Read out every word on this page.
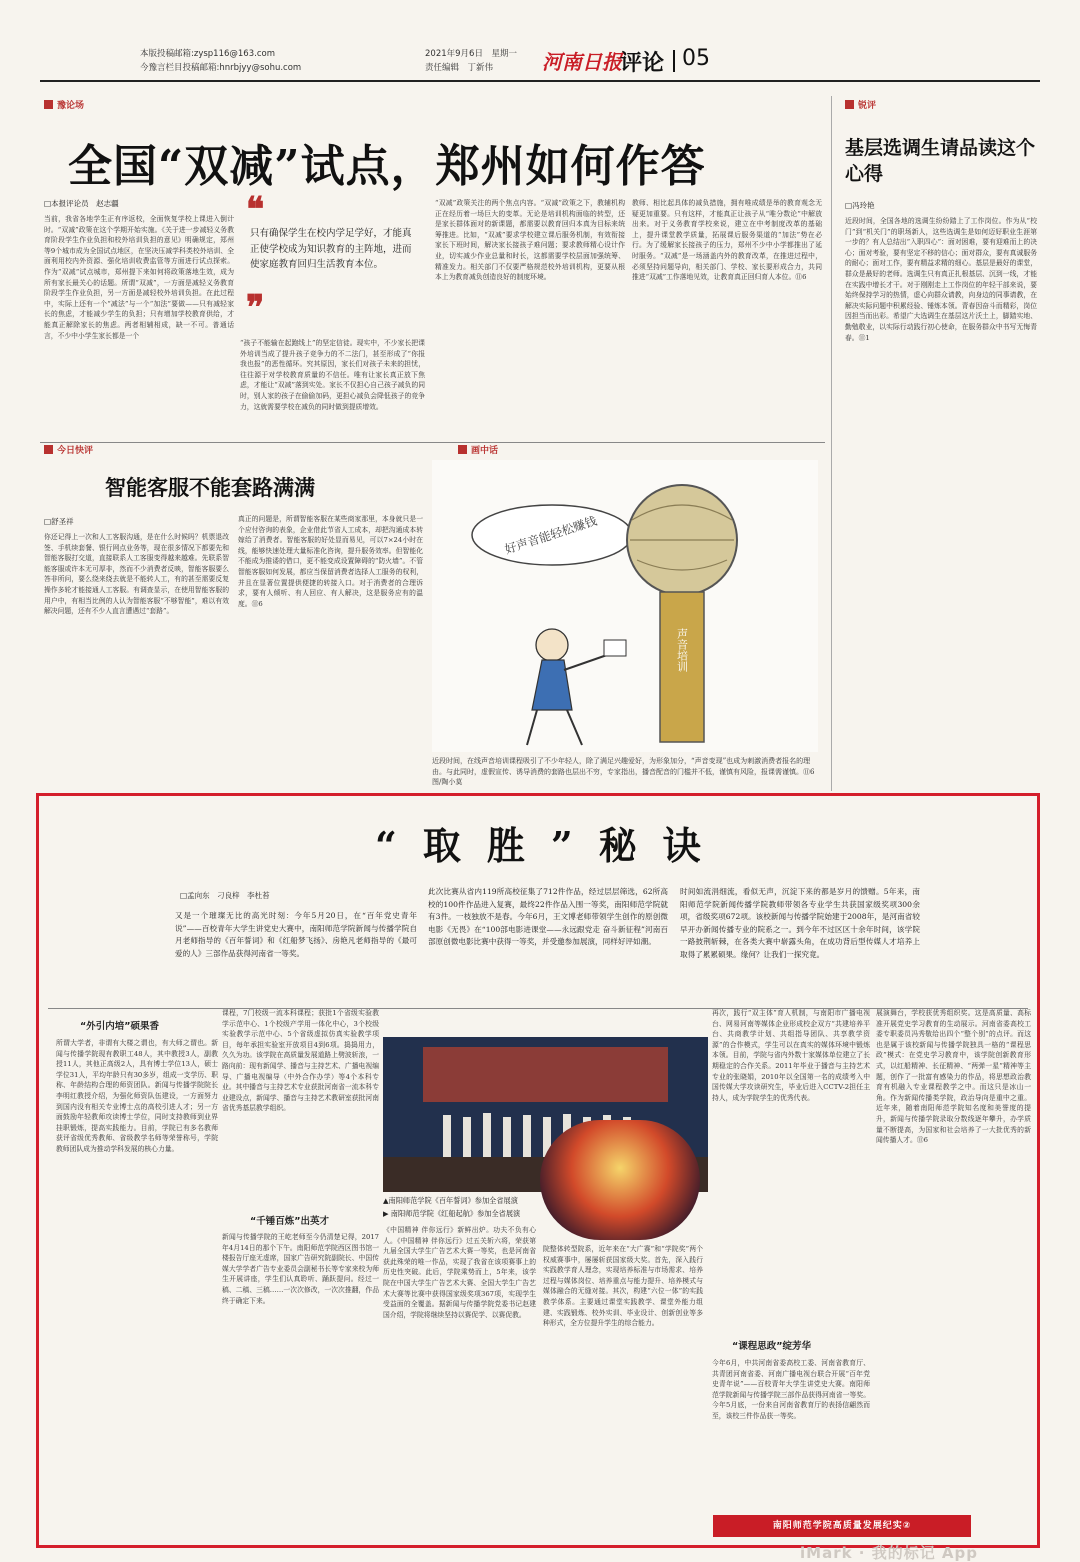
本版投稿邮箱:zysp116@163.com
今豫言栏目投稿邮箱:hnrbjyy@sohu.com
2021年9月6日　星期一
责任编辑　丁新伟 河南日报
评论 05
豫论场
全国“双减”试点，郑州如何作答
□本报评论员　赵志疆
当前，我省各地学生正有序返校，全面恢复学校上课进入倒计时。“双减”政策在这个学期开始实施。《关于进一步减轻义务教育阶段学生作业负担和校外培训负担的意见》明确规定，郑州等9个城市成为全国试点地区，在坚决压减学科类校外培训、全面利用校内外资源、强化培训收费监管等方面进行试点探索。作为“双减”试点城市，郑州提下来如何将政策落地生效，成为所有家长最关心的话题。所谓“双减”，一方面是减轻义务教育阶段学生作业负担，另一方面是减轻校外培训负担。在此过程中，实际上还有一个“减法”与一个“加法”要做——只有减轻家长的焦虑，才能减少学生的负担；只有增加学校教育供给，才能真正解除家长的焦虑。两者相辅相成，缺一不可。普通话言，不少中小学生家长都是一个
❝
只有确保学生在校内学足学好，才能真正使学校成为知识教育的主阵地，进而使家庭教育回归生活教育本位。
❞
“孩子不能输在起跑线上”的坚定信徒。现实中，不少家长把课外培训当成了提升孩子竞争力的不二法门，甚至形成了“你报我也报”的恶性循环。究其原因，家长们对孩子未来的担忧，往往源于对学校教育质量的不信任。唯有让家长真正放下焦虑，才能让“双减”落到实处。家长不仅担心自己孩子减负的同时，别人家的孩子在偷偷加码，更担心减负会降低孩子的竞争力，这就需要学校在减负的同时做到提质增效。
“双减”政策关注的两个焦点内容。“双减”政策之下，教辅机构正在经历着一场巨大的变革。无论是培训机构面临的转型，还是家长群体面对的新课题，都需要以教育回归本真为目标来统筹推进。比如，“双减”要求学校建立课后服务机制，有效衔接家长下班时间，解决家长接孩子难问题；要求教师精心设计作业，切实减少作业总量和时长，这都需要学校层面加强统筹、精准发力。相关部门不仅要严格规范校外培训机构，更要从根本上为教育减负创造良好的制度环境。
教师、相比起具体的减负措施，拥有唯成绩是举的教育观念无疑更加重要。只有这样，才能真正让孩子从“唯分数论”中解放出来。对于义务教育学校来说，建立在中考制度改革的基础上，提升课堂教学质量，拓展课后服务渠道的“加法”势在必行。为了缓解家长接孩子的压力，郑州不少中小学都推出了延时服务。“双减”是一场涵盖内外的教育改革，在推进过程中，必须坚持问题导向，相关部门、学校、家长要形成合力，共同推进“双减”工作落地见效，让教育真正回归育人本位。⑪6
锐评
基层选调生请品读这个心得
□冯玲艳
近段时间，全国各地的选调生纷纷踏上了工作岗位。作为从“校门”到“机关门”的职场新人，这些选调生是如何迈好职业生涯第一步的？有人总结出“入职四心”：面对困难，要有迎难而上的决心；面对考验，要有坚定不移的信心；面对群众，要有真诚服务的耐心；面对工作，要有精益求精的细心。基层是最好的课堂，群众是最好的老师。选调生只有真正扎根基层、沉到一线，才能在实践中增长才干。对于刚刚走上工作岗位的年轻干部来说，要始终保持学习的热情，虚心向群众请教，向身边的同事请教，在解决实际问题中积累经验、锤炼本领。青春因奋斗而精彩，岗位因担当而出彩。希望广大选调生在基层这片沃土上，脚踏实地、勤勉敬业，以实际行动践行初心使命，在服务群众中书写无悔青春。⑪1
今日快评
智能客服不能套路满满
□舒圣祥
你还记得上一次和人工客服沟通，是在什么时候吗？机票退改签、手机续套餐、银行网点业务等，现在很多情况下都要先和智能客服打交道，直接联系人工客服变得越来越难。先联系智能客服或许本无可厚非，然而不少消费者反映，智能客服要么答非所问，要么绕来绕去就是不能转人工，有的甚至需要反复操作多轮才能接通人工客服。有调查显示，在使用智能客服的用户中，有相当比例的人认为智能客服“不够智能”，难以有效解决问题，还有不少人直言遭遇过“套路”。
真正的问题是，所谓智能客服在某些商家那里，本身就只是一个应付咨询的表象，企业借此节省人工成本，却把沟通成本转嫁给了消费者。智能客服的好处显而易见，可以7×24小时在线，能够快速处理大量标准化咨询，提升服务效率。但智能化不能成为推诿的借口，更不能变成设置障碍的“防火墙”。不管智能客服如何发展，都应当保留消费者选择人工服务的权利，并且在显著位置提供便捷的转接入口。对于消费者的合理诉求，要有人倾听、有人回应、有人解决，这是服务应有的温度。⑪6
画中话
好声音能轻松赚钱
声音培训
近段时间，在线声音培训课程吸引了不少年轻人，除了满足兴趣爱好，为形象加分，“声音变现”也成为刺激消费者报名的理由。与此同时，虚假宣传、诱导消费的套路也层出不穷，专家指出，播音配音的门槛并不低，谨慎有风险，报课需谨慎。⑪6 图/陶小莫
“取胜”秘诀
□孟向东　刁良梓　李杜苔
又是一个璀璨无比的高光时刻：今年5月20日，在“百年党史青年说”——百校青年大学生讲党史大赛中，南阳师范学院新闻与传播学院自月老师指导的《百年誓词》和《红船梦飞扬》、房艳凡老师指导的《最可爱的人》三部作品获得河南省一等奖。
此次比赛从省内119所高校征集了712件作品，经过层层筛选，62所高校的100件作品进入复赛，最终22件作品入围一等奖，南阳师范学院就有3件。一枝独放不是春。今年6月，王文博老师带领学生创作的原创微电影《无畏》在“100部电影进课堂——永远跟党走 奋斗新征程”河南百部原创微电影比赛中获得一等奖，并受邀参加展演，同样好评如潮。
时间如流涓细流，看似无声，沉淀下来的都是岁月的馈赠。5年来，南阳师范学院新闻传播学院教师带领各专业学生共获国家级奖项300余项，省级奖项672项。该校新闻与传播学院始建于2008年，是河南省较早开办新闻传播专业的院系之一。到今年不过区区十余年时间，该学院一路披荆斩棘，在各类大赛中崭露头角，在成功背后型传媒人才培养上取得了累累硕果。缘何？让我们一探究竟。
“外引内培”硕果香
所谓大学者，非谓有大楼之谓也，有大师之谓也。新闻与传播学院现有教职工48人，其中教授3人，副教授11人，其他正高级2人，具有博士学位13人，硕士学位31人，平均年龄只有30多岁，组成一支学历、职称、年龄结构合理的师资团队。新闻与传播学院院长李明红教授介绍，为强化师资队伍建设，一方面努力到国内没有相关专业博士点的高校引进人才；另一方面鼓励年轻教师攻读博士学位，同时支持教师到业界挂职锻炼，提高实践能力。目前，学院已有多名教师获评省级优秀教师、省级教学名师等荣誉称号，学院教师团队成为推动学科发展的核心力量。
课程，7门校级一流本科课程；获批1个省级实验教学示范中心、1个校级产学用一体化中心，3个校级实验教学示范中心、5个省级虚拟仿真实验教学项目，每年承担实验室开放项目4到6项。捣捣用力，久久为功。该学院在高质量发展道路上劈波斩浪，一路向前：现有新闻学、播音与主持艺术、广播电视编导、广播电视编导（中外合作办学）等4个本科专业。其中播音与主持艺术专业获批河南省一流本科专业建设点，新闻学、播音与主持艺术教研室获批河南省优秀基层教学组织。
“千锤百炼”出英才
新闻与传播学院的王屹老师至今仍清楚记得，2017年4月14日的那个下午。南阳师范学院西区图书馆一楼报告厅座无虚席，国家广告研究院副院长、中国传媒大学学者广告专业委员会副秘书长等专家来校为师生开展讲座，学生们认真聆听、踊跃提问。经过一稿、二稿、三稿……一次次修改，一次次推翻，作品终于确定下来。
▲南阳师范学院《百年誓词》参加全省展演
▶ 南阳师范学院《红船起航》参加全省展演
《中国精神 伴你远行》新鲜出炉。功夫不负有心人。《中国精神 伴你远行》过五关斩六将，荣获第九届全国大学生广告艺术大赛一等奖，也是河南省获此殊荣的唯一作品，实现了我省在该项赛事上的历史性突破。此后，学院乘势而上，5年来，该学院在中国大学生广告艺术大赛、全国大学生广告艺术大赛等比赛中获得国家级奖项367项，实现学生受益面的全覆盖。据新闻与传播学院党委书记赵建国介绍，学院将继续坚持以赛促学、以赛促教。
院整体转型院系，近年来在“大广赛”和“学院奖”两个权威赛事中，屡屡斩获国家级大奖。首先，深入践行实践教学育人理念，实现培养标准与市场需求、培养过程与媒体岗位、培养重点与能力提升、培养模式与媒体融合的无缝对接。其次，构建“六位一体”的实践教学体系。主要通过课堂实践教学、课堂外能力组建、实践锻炼、校外实训、毕业设计、创新创业等多种形式，全方位提升学生的综合能力。
再次，践行“双主体”育人机制，与南阳市广播电视台、网易河南等媒体企业形成校企双方“共建培养平台、共商教学计划、共组指导团队、共享教学资源”的合作模式，学生可以在真实的媒体环境中锻炼本领。目前，学院与省内外数十家媒体单位建立了长期稳定的合作关系。2011年毕业于播音与主持艺术专业的张晓娟，2010年以全国第一名的成绩考入中国传媒大学攻读研究生，毕业后进入CCTV-2担任主持人，成为学院学生的优秀代表。
“课程思政”绽芳华
今年6月，中共河南省委高校工委、河南省教育厅、共青团河南省委、河南广播电视台联合开展“百年党史青年说”——百校青年大学生讲党史大赛。南阳师范学院新闻与传播学院三部作品获得河南省一等奖。今年5月底，一份来自河南省教育厅的表扬信翩然而至，该校三件作品获一等奖。
展演舞台，学校获优秀组织奖。这是高质量、高标准开展党史学习教育的生动展示。河南省委高校工委专职委员冯秀敬给出四个“整个别”的点评。而这也是属于该校新闻与传播学院独具一格的“课程思政”模式：在党史学习教育中，该学院创新教育形式，以红船精神、长征精神、“两弹一星”精神等主题，创作了一批富有感染力的作品，将思想政治教育有机融入专业课程教学之中。而这只是冰山一角。作为新闻传播类学院，政治导向是重中之重。近年来，随着南阳师范学院知名度和美誉度的提升，新闻与传播学院录取分数线逐年攀升，办学质量不断提高，为国家和社会培养了一大批优秀的新闻传播人才。⑪6
南阳师范学院高质量发展纪实②
iMark · 我的标记 App
